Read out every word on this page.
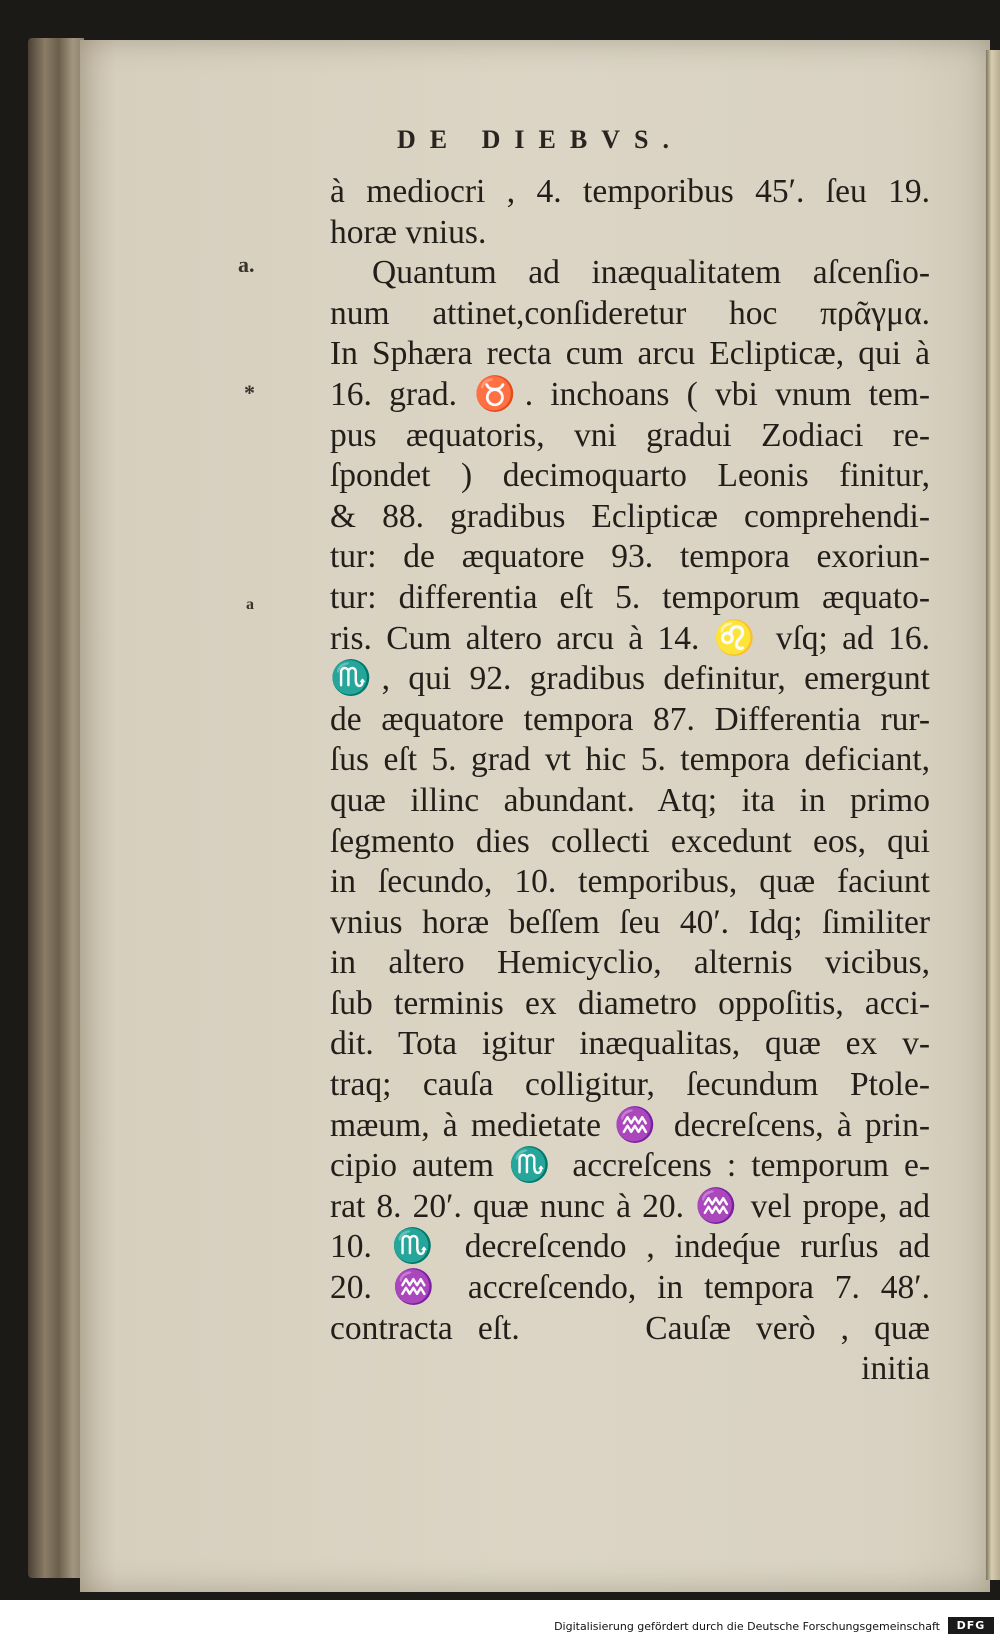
DE DIEBVS.
a.
*
a
à mediocri , 4. temporibus 45ʹ. ſeu 19.
horæ vnius.
Quantum ad inæqualitatem aſcenſio-
num attinet,conſideretur hoc πρᾶγμα.
In Sphæra recta cum arcu Eclipticæ, qui à
16. grad. ♉. inchoans ( vbi vnum tem-
pus æquatoris, vni gradui Zodiaci re-
ſpondet ) decimoquarto Leonis finitur,
& 88. gradibus Eclipticæ comprehendi-
tur: de æquatore 93. tempora exoriun-
tur: differentia eſt 5. temporum æquato-
ris. Cum altero arcu à 14. ♌ vſq; ad 16.
♏, qui 92. gradibus definitur, emergunt
de æquatore tempora 87. Differentia rur-
ſus eſt 5. grad vt hic 5. tempora deficiant,
quæ illinc abundant. Atq; ita in primo
ſegmento dies collecti excedunt eos, qui
in ſecundo, 10. temporibus, quæ faciunt
vnius horæ beſſem ſeu 40ʹ. Idq; ſimiliter
in altero Hemicyclio, alternis vicibus,
ſub terminis ex diametro oppoſitis, acci-
dit. Tota igitur inæqualitas, quæ ex v-
traq; cauſa colligitur, ſecundum Ptole-
mæum, à medietate ♒ decreſcens, à prin-
cipio autem ♏ accreſcens : temporum e-
rat 8. 20ʹ. quæ nunc à 20. ♒ vel prope, ad
10. ♏ decreſcendo , indeq́ue rurſus ad
20. ♒ accreſcendo, in tempora 7. 48ʹ.
contracta eſt.     Cauſæ verò , quæ
initia
Digitalisierung gefördert durch die Deutsche Forschungsgemeinschaft	DFG
